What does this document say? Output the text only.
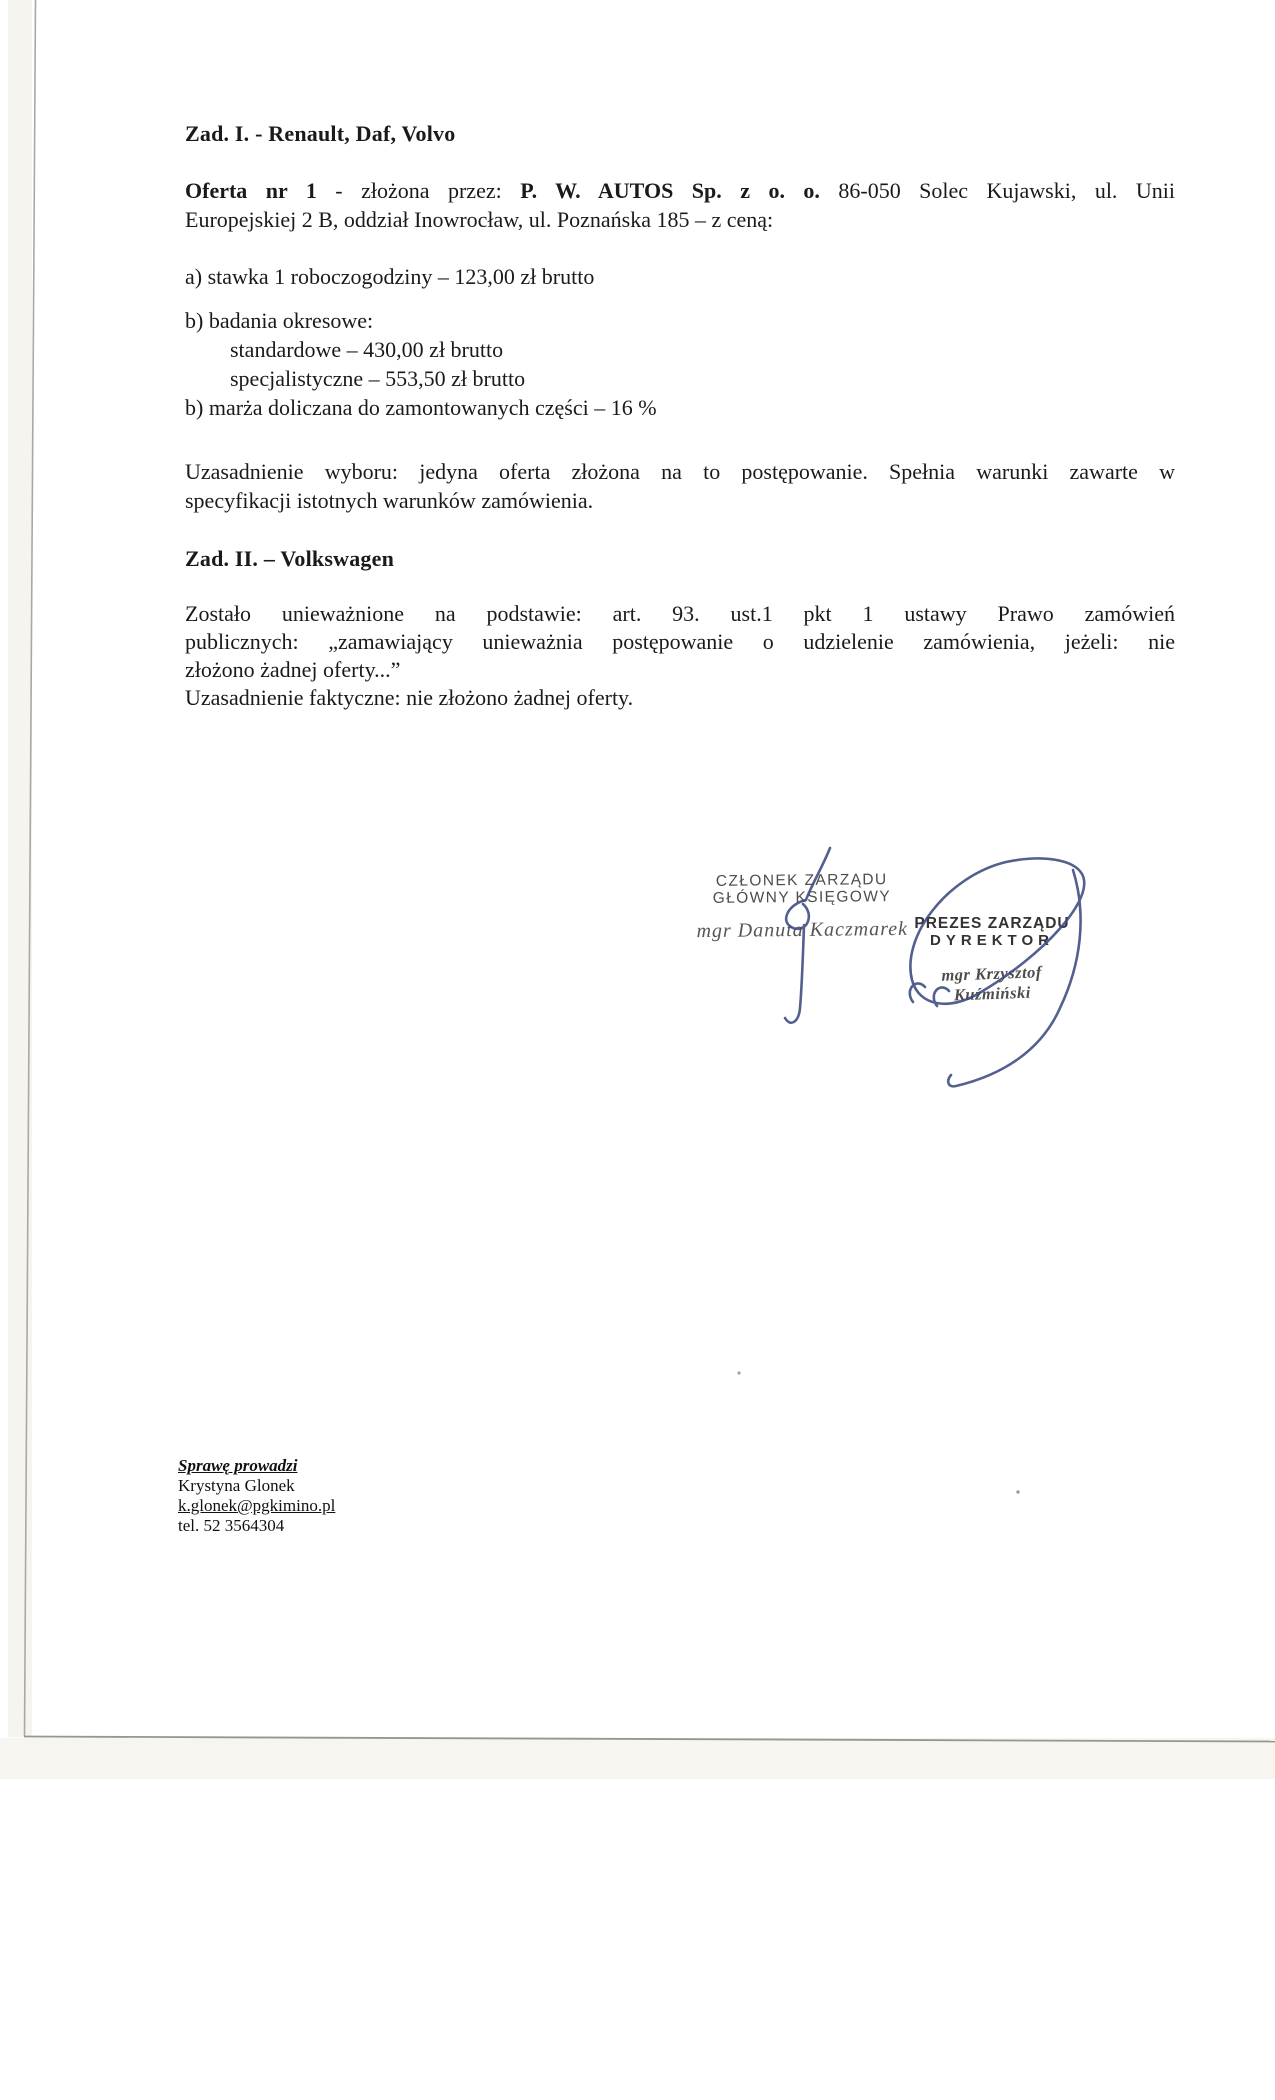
Zad. I. - Renault, Daf, Volvo
Oferta nr 1 - złożona przez: P. W. AUTOS Sp. z o. o. 86-050 Solec Kujawski, ul. Unii
Europejskiej 2 B, oddział Inowrocław, ul. Poznańska 185 – z ceną:
a) stawka 1 roboczogodziny – 123,00 zł brutto
b) badania okresowe:
standardowe – 430,00 zł brutto
specjalistyczne – 553,50 zł brutto
b) marża doliczana do zamontowanych części – 16 %
Uzasadnienie wyboru: jedyna oferta złożona na to postępowanie. Spełnia warunki zawarte w
specyfikacji istotnych warunków zamówienia.
Zad. II. – Volkswagen
Zostało unieważnione na podstawie: art. 93. ust.1 pkt 1 ustawy Prawo zamówień
publicznych: „zamawiający unieważnia postępowanie o udzielenie zamówienia, jeżeli: nie
złożono żadnej oferty...”
Uzasadnienie faktyczne: nie złożono żadnej oferty.
CZŁONEK ZARZĄDU
GŁÓWNY KSIĘGOWY
mgr Danuta Kaczmarek PREZES ZARZĄDU
DYREKTOR
mgr Krzysztof Kuźmiński
Sprawę prowadzi
Krystyna Glonek
k.glonek@pgkimino.pl
tel. 52 3564304
